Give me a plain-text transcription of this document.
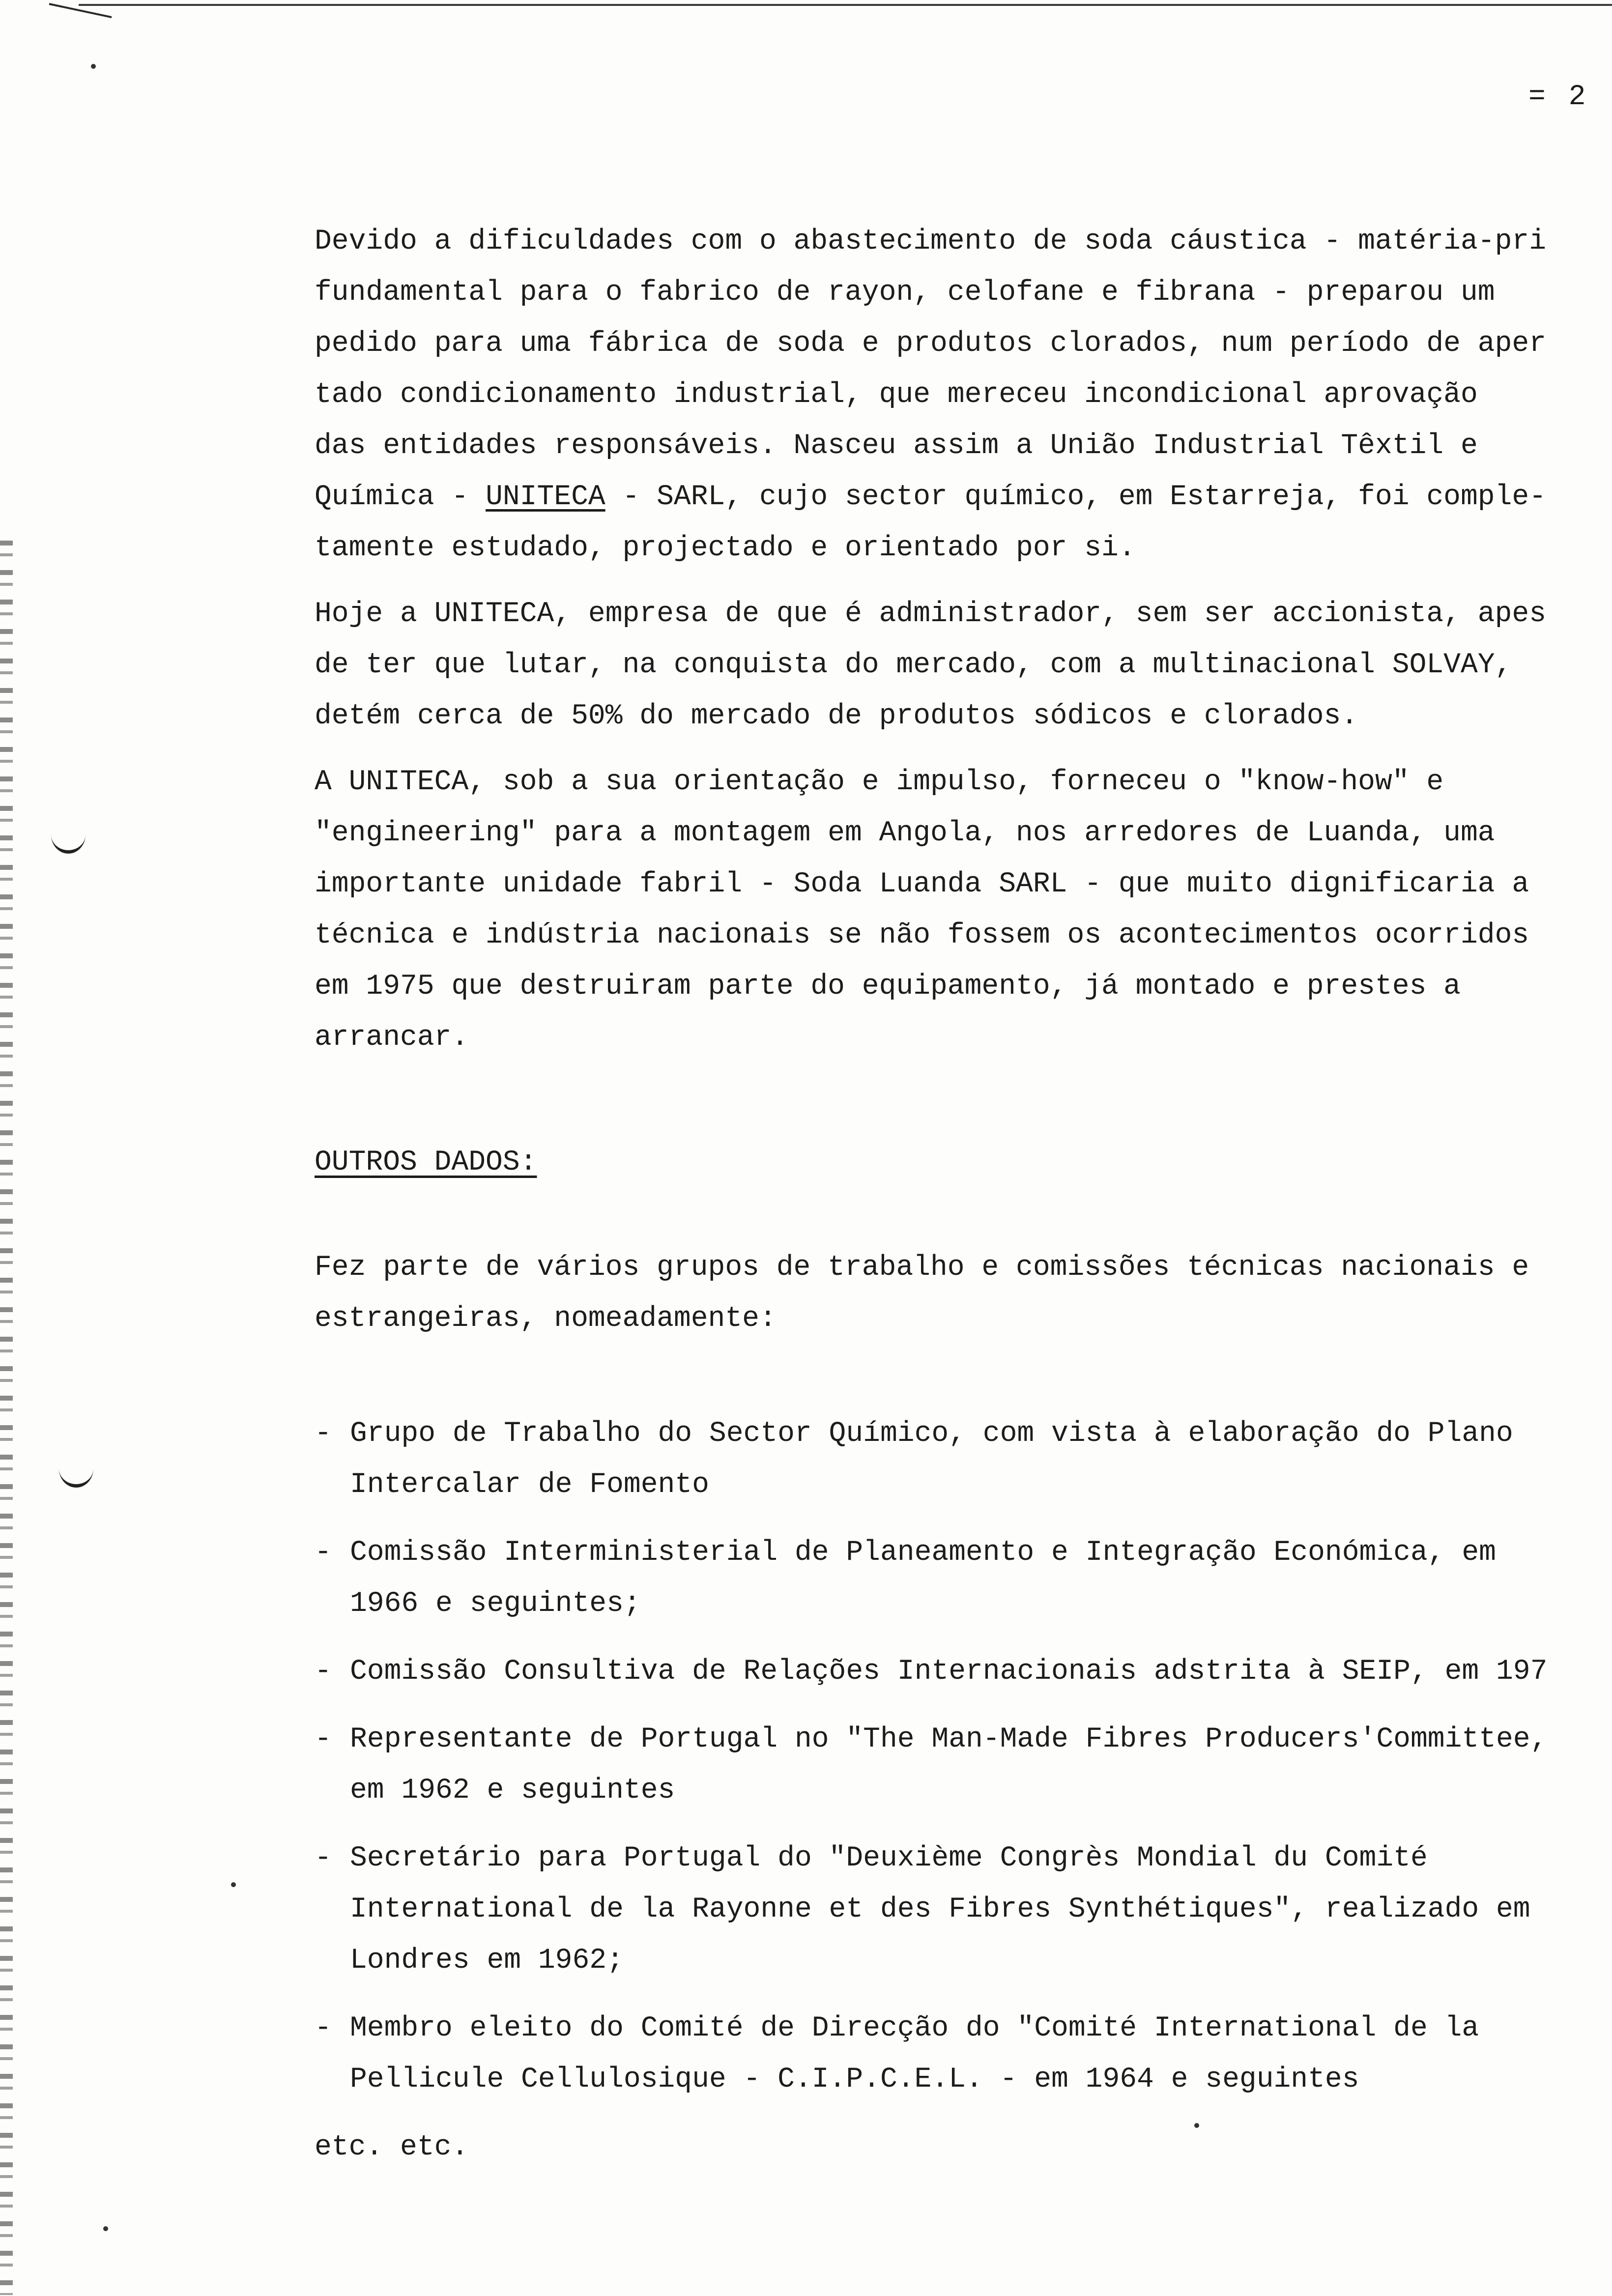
= 2
Devido a dificuldades com o abastecimento de soda cáustica - matéria-pri
fundamental para o fabrico de rayon, celofane e fibrana - preparou um
pedido para uma fábrica de soda e produtos clorados, num período de aper
tado condicionamento industrial, que mereceu incondicional aprovação
das entidades responsáveis. Nasceu assim a União Industrial Têxtil e
Química - UNITECA - SARL, cujo sector químico, em Estarreja, foi comple-
tamente estudado, projectado e orientado por si.
Hoje a UNITECA, empresa de que é administrador, sem ser accionista, apes
de ter que lutar, na conquista do mercado, com a multinacional SOLVAY,
detém cerca de 50% do mercado de produtos sódicos e clorados.
A UNITECA, sob a sua orientação e impulso, forneceu o "know-how" e
"engineering" para a montagem em Angola, nos arredores de Luanda, uma
importante unidade fabril - Soda Luanda SARL - que muito dignificaria a
técnica e indústria nacionais se não fossem os acontecimentos ocorridos
em 1975 que destruiram parte do equipamento, já montado e prestes a
arrancar.
OUTROS DADOS:
Fez parte de vários grupos de trabalho e comissões técnicas nacionais e
estrangeiras, nomeadamente:
- Grupo de Trabalho do Sector Químico, com vista à elaboração do Plano
Intercalar de Fomento
- Comissão Interministerial de Planeamento e Integração Económica, em
1966 e seguintes;
- Comissão Consultiva de Relações Internacionais adstrita à SEIP, em 197
- Representante de Portugal no "The Man-Made Fibres Producers'Committee,
em 1962 e seguintes
- Secretário para Portugal do "Deuxième Congrès Mondial du Comité
International de la Rayonne et des Fibres Synthétiques", realizado em
Londres em 1962;
- Membro eleito do Comité de Direcção do "Comité International de la
Pellicule Cellulosique - C.I.P.C.E.L. - em 1964 e seguintes
etc. etc.
